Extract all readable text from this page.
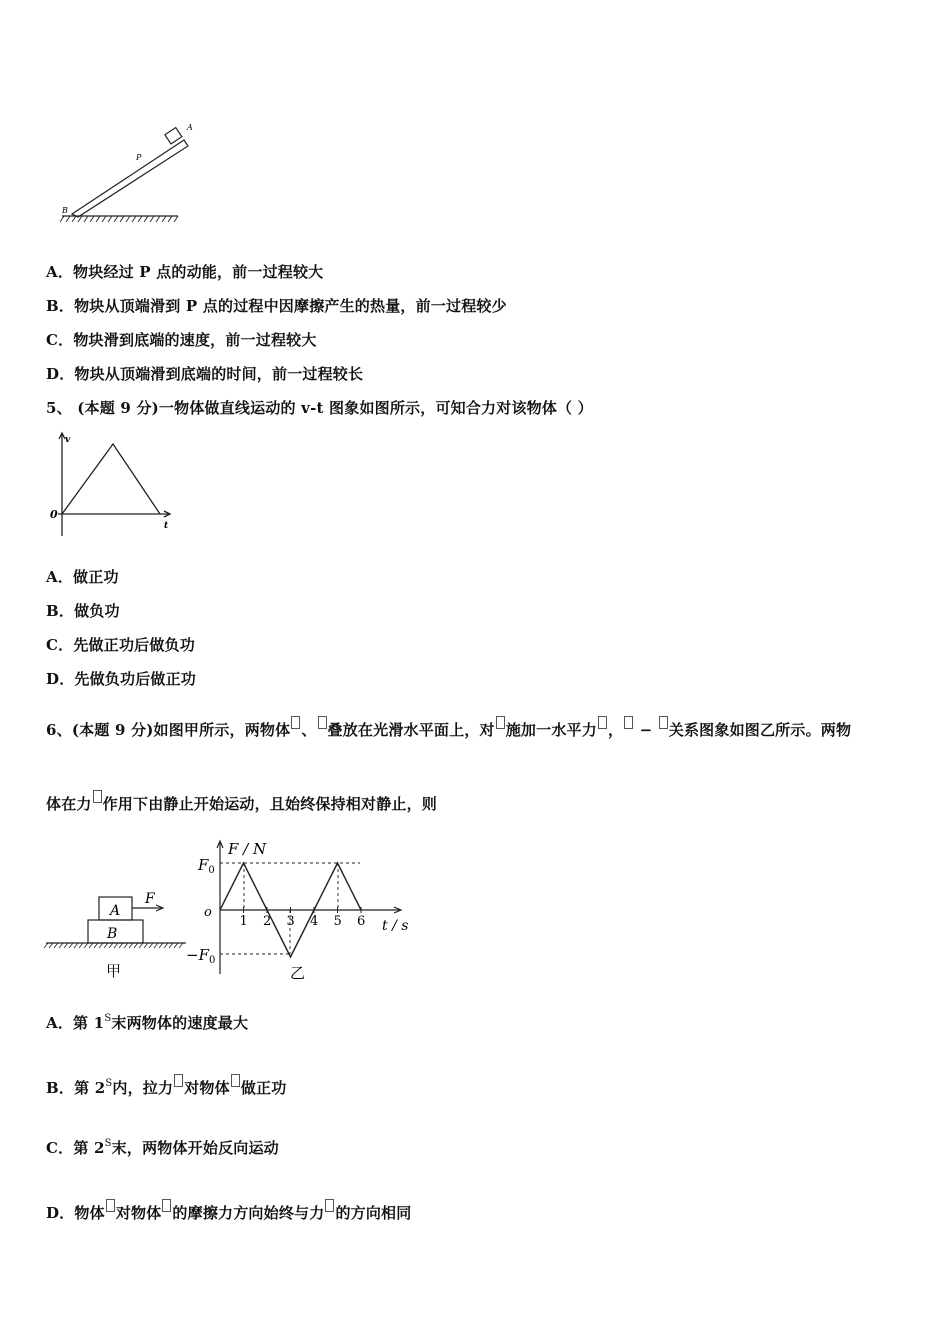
A
P
B
A．物块经过 P 点的动能，前一过程较大
B．物块从顶端滑到 P 点的过程中因摩擦产生的热量，前一过程较少
C．物块滑到底端的速度，前一过程较大
D．物块从顶端滑到底端的时间，前一过程较长
5、 (本题 9 分)一物体做直线运动的 v-t 图象如图所示，可知合力对该物体（ ）
v
t
0
A．做正功
B．做负功
C．先做正功后做负功
D．先做负功后做正功
6、(本题 9 分)如图甲所示，两物体 、 叠放在光滑水平面上，对 施加一水平力 ， − 关系图象如图乙所示。两物
体在力 作用下由静止开始运动，且始终保持相对静止，则
A
B
F
甲
1 2 3 4 5 6
F / N
t / s
o
$F_0$
$-F_0$
乙
A．第 $1^S$末两物体的速度最大
B．第 $2^S$内，拉力 对物体 做正功
C．第 $2^S$末，两物体开始反向运动
D．物体 对物体 的摩擦力方向始终与力 的方向相同
